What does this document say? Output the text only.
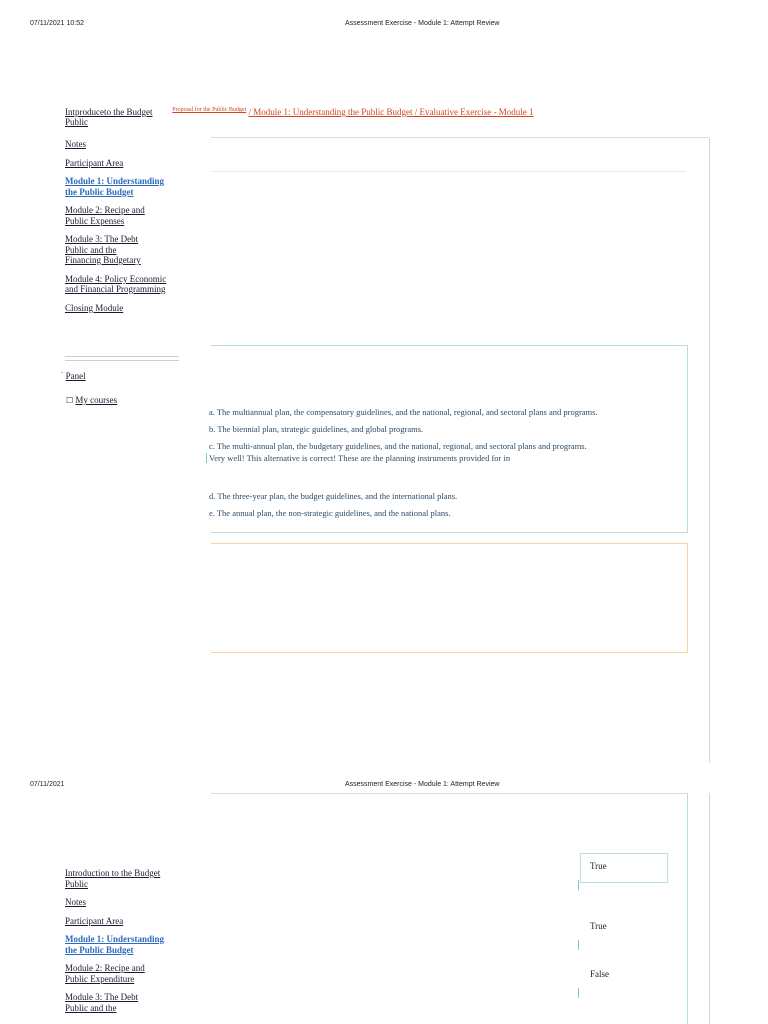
07/11/2021 10:52	Assessment Exercise - Module 1: Attempt Review
Intproduceto the Budget Public $^{Proposal for the Public Budget}$ / Module 1: Understanding the Public Budget / Evaluative Exercise - Module 1
Notes
Participant Area
Module 1: Understanding the Public Budget
Module 2: Recipe and Public Expenses
Module 3: The Debt Public and the Financing Budgetary
Module 4: Policy Economic and Financial Programming
Closing Module
$^ˋ$ Panel
☐ My courses
a. The multiannual plan, the compensatory guidelines, and the national, regional, and sectoral plans and programs.
b. The biennial plan, strategic guidelines, and global programs.
c. The multi-annual plan, the budgetary guidelines, and the national, regional, and sectoral plans and programs.
Very well! This alternative is correct! These are the planning instruments provided for in
d. The three-year plan, the budget guidelines, and the international plans.
e. The annual plan, the non-strategic guidelines, and the national plans.
07/11/2021	Assessment Exercise - Module 1: Attempt Review
Introduction to the Budget Public
Notes
Participant Area
Module 1: Understanding the Public Budget
Module 2: Recipe and Public Expenditure
Module 3: The Debt Public and the
True
True
False
